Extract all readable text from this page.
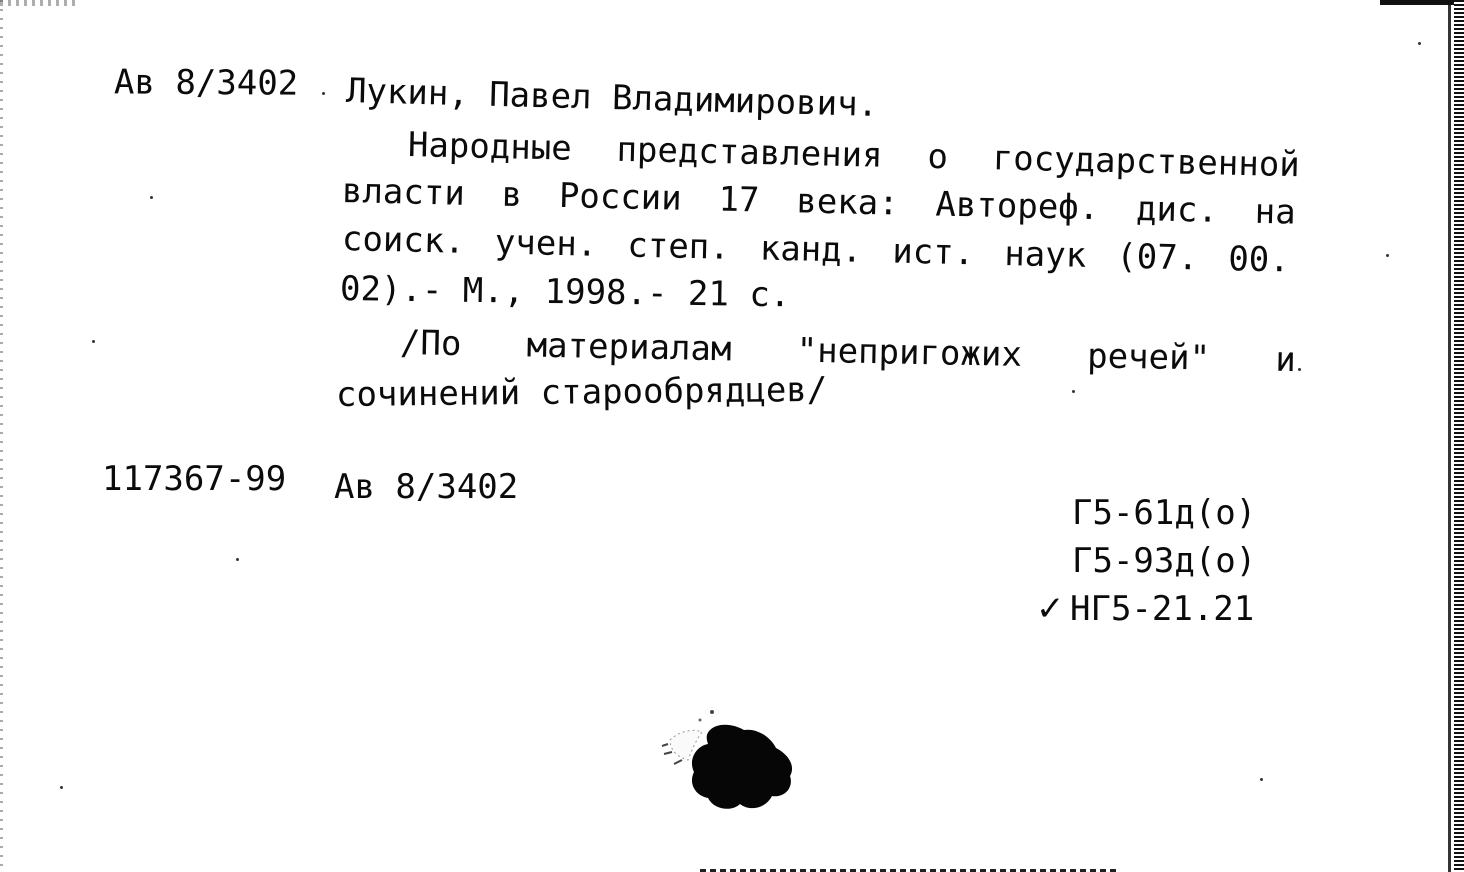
Ав 8/3402 Лукин, Павел Владимирович.
Народные представления о государственной
власти в России 17 века: Автореф. дис. на
соиск. учен. степ. канд. ист. наук (07. 00.
02).- М., 1998.- 21 с.
/По материалам "непригожих речей" и
сочинений старообрядцев/
117367-99 Ав 8/3402
Г5-61д(о)
Г5-93д(о)
✓ НГ5-21.21
